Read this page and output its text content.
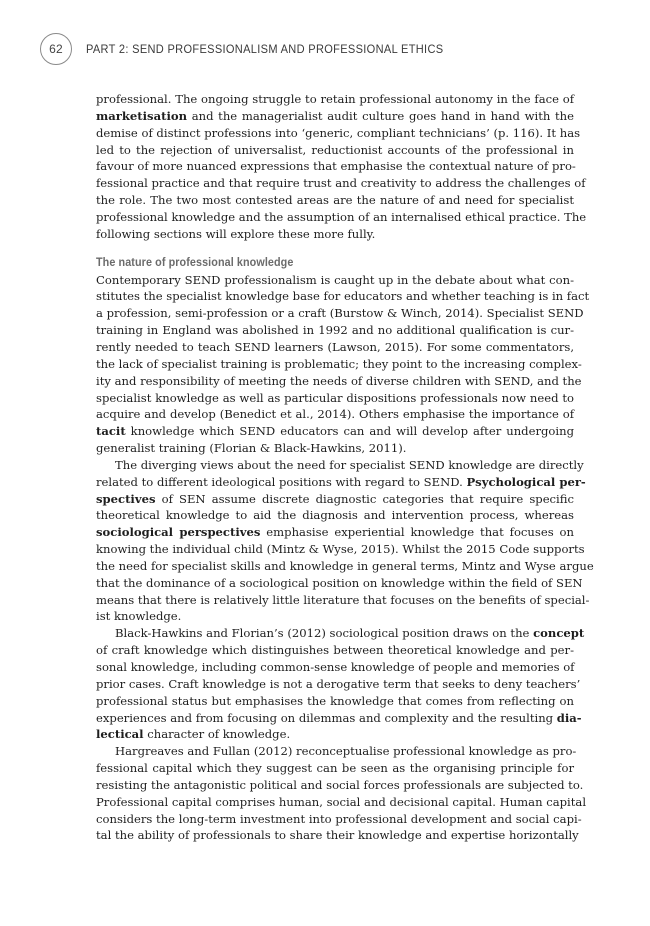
62 PART 2: SEND PROFESSIONALISM AND PROFESSIONAL ETHICS
professional. The ongoing struggle to retain professional autonomy in the face of
marketisation and the managerialist audit culture goes hand in hand with the
demise of distinct professions into ‘generic, compliant technicians’ (p. 116). It has
led to the rejection of universalist, reductionist accounts of the professional in
favour of more nuanced expressions that emphasise the contextual nature of pro-
fessional practice and that require trust and creativity to address the challenges of
the role. The two most contested areas are the nature of and need for specialist
professional knowledge and the assumption of an internalised ethical practice. The
following sections will explore these more fully.
The nature of professional knowledge
Contemporary SEND professionalism is caught up in the debate about what con-
stitutes the specialist knowledge base for educators and whether teaching is in fact
a profession, semi-profession or a craft (Burstow & Winch, 2014). Specialist SEND
training in England was abolished in 1992 and no additional qualification is cur-
rently needed to teach SEND learners (Lawson, 2015). For some commentators,
the lack of specialist training is problematic; they point to the increasing complex-
ity and responsibility of meeting the needs of diverse children with SEND, and the
specialist knowledge as well as particular dispositions professionals now need to
acquire and develop (Benedict et al., 2014). Others emphasise the importance of
tacit knowledge which SEND educators can and will develop after undergoing
generalist training (Florian & Black-Hawkins, 2011).
The diverging views about the need for specialist SEND knowledge are directly
related to different ideological positions with regard to SEND. Psychological per-
spectives of SEN assume discrete diagnostic categories that require specific
theoretical knowledge to aid the diagnosis and intervention process, whereas
sociological perspectives emphasise experiential knowledge that focuses on
knowing the individual child (Mintz & Wyse, 2015). Whilst the 2015 Code supports
the need for specialist skills and knowledge in general terms, Mintz and Wyse argue
that the dominance of a sociological position on knowledge within the field of SEN
means that there is relatively little literature that focuses on the benefits of special-
ist knowledge.
Black-Hawkins and Florian’s (2012) sociological position draws on the concept
of craft knowledge which distinguishes between theoretical knowledge and per-
sonal knowledge, including common-sense knowledge of people and memories of
prior cases. Craft knowledge is not a derogative term that seeks to deny teachers’
professional status but emphasises the knowledge that comes from reflecting on
experiences and from focusing on dilemmas and complexity and the resulting dia-
lectical character of knowledge.
Hargreaves and Fullan (2012) reconceptualise professional knowledge as pro-
fessional capital which they suggest can be seen as the organising principle for
resisting the antagonistic political and social forces professionals are subjected to.
Professional capital comprises human, social and decisional capital. Human capital
considers the long-term investment into professional development and social capi-
tal the ability of professionals to share their knowledge and expertise horizontally
